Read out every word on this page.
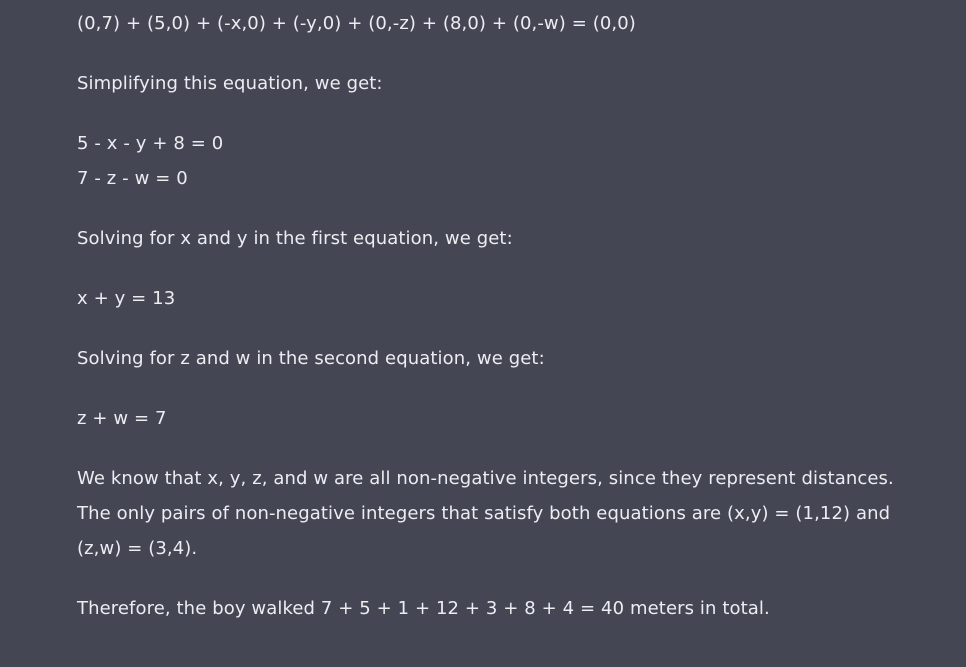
(0,7) + (5,0) + (-x,0) + (-y,0) + (0,-z) + (8,0) + (0,-w) = (0,0)

Simplifying this equation, we get:

5 - x - y + 8 = 0

7 - z - w = 0

Solving for x and y in the first equation, we get:

x + y = 13

Solving for z and w in the second equation, we get:

z + w = 7

We know that x, y, z, and w are all non-negative integers, since they represent distances.

The only pairs of non-negative integers that satisfy both equations are (x,y) = (1,12) and

(z,w) = (3,4).

Therefore, the boy walked 7 + 5 + 1 + 12 + 3 + 8 + 4 = 40 meters in total.
